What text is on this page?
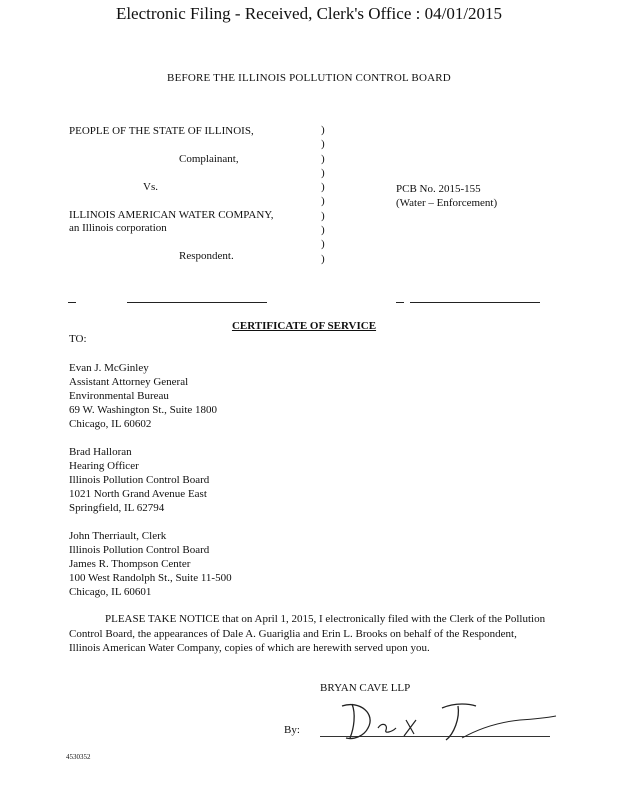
Electronic Filing - Received, Clerk's Office : 04/01/2015
BEFORE THE ILLINOIS POLLUTION CONTROL BOARD
PEOPLE OF THE STATE OF ILLINOIS,
Complainant,
Vs.
ILLINOIS AMERICAN WATER COMPANY,
an Illinois corporation
Respondent.
)
)
)
)
)
)
)
)
)
)
PCB No. 2015-155
(Water – Enforcement)
CERTIFICATE OF SERVICE
TO:
Evan J. McGinley
Assistant Attorney General
Environmental Bureau
69 W. Washington St., Suite 1800
Chicago, IL 60602
Brad Halloran
Hearing Officer
Illinois Pollution Control Board
1021 North Grand Avenue East
Springfield, IL 62794
John Therriault, Clerk
Illinois Pollution Control Board
James R. Thompson Center
100 West Randolph St., Suite 11-500
Chicago, IL 60601
PLEASE TAKE NOTICE that on April 1, 2015, I electronically filed with the Clerk of the Pollution Control Board, the appearances of Dale A. Guariglia and Erin L. Brooks on behalf of the Respondent, Illinois American Water Company, copies of which are herewith served upon you.
BRYAN CAVE LLP
By:
4530352
